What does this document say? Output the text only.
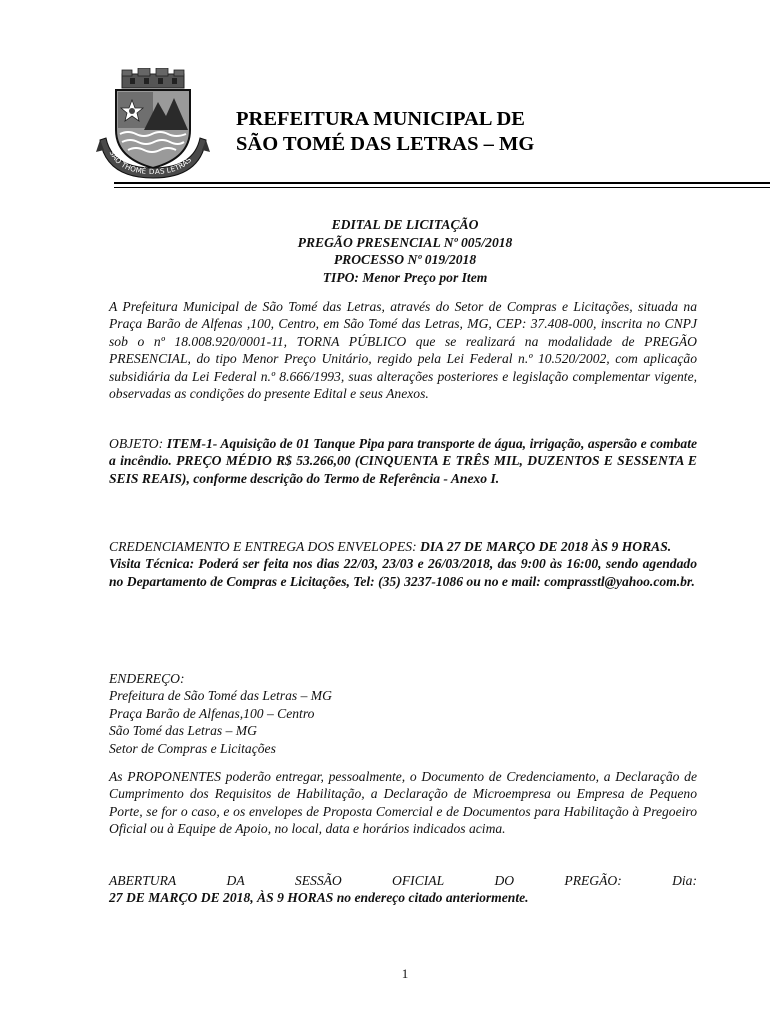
SÃO THOMÉ DAS LETRAS
PREFEITURA MUNICIPAL DE
SÃO TOMÉ DAS LETRAS – MG
EDITAL DE LICITAÇÃO
PREGÃO PRESENCIAL Nº 005/2018
PROCESSO Nº 019/2018
TIPO: Menor Preço por Item

A Prefeitura Municipal de São Tomé das Letras, através do Setor de Compras e Licitações, situada na Praça Barão de Alfenas ,100, Centro, em São Tomé das Letras, MG, CEP: 37.408-000, inscrita no CNPJ sob o nº 18.008.920/0001-11, TORNA PÚBLICO que se realizará na modalidade de PREGÃO PRESENCIAL, do tipo Menor Preço Unitário, regido pela Lei Federal n.º 10.520/2002, com aplicação subsidiária da Lei Federal n.º 8.666/1993, suas alterações posteriores e legislação complementar vigente, observadas as condições do presente Edital e seus Anexos.

OBJETO: ITEM-1- Aquisição de 01 Tanque Pipa para transporte de água, irrigação, aspersão e combate a incêndio. PREÇO MÉDIO R$ 53.266,00 (CINQUENTA E TRÊS MIL, DUZENTOS E SESSENTA E SEIS REAIS), conforme descrição do Termo de Referência - Anexo I.

CREDENCIAMENTO E ENTREGA DOS ENVELOPES: DIA 27 DE MARÇO DE 2018 ÀS 9 HORAS.
Visita Técnica: Poderá ser feita nos dias 22/03, 23/03 e 26/03/2018, das 9:00 às 16:00, sendo agendado no Departamento de Compras e Licitações, Tel: (35) 3237-1086 ou no e mail: comprasstl@yahoo.com.br.

ENDEREÇO:
Prefeitura de São Tomé das Letras – MG
Praça Barão de Alfenas,100 – Centro
São Tomé das Letras – MG
Setor de Compras e Licitações

As PROPONENTES poderão entregar, pessoalmente, o Documento de Credenciamento, a Declaração de Cumprimento dos Requisitos de Habilitação, a Declaração de Microempresa ou Empresa de Pequeno Porte, se for o caso, e os envelopes de Proposta Comercial e de Documentos para Habilitação à Pregoeiro Oficial ou à Equipe de Apoio, no local, data e horários indicados acima.

ABERTURA	DA	SESSÃO	OFICIAL	DO	PREGÃO:	Dia:
27 DE MARÇO DE 2018, ÀS 9 HORAS no endereço citado anteriormente.
1
